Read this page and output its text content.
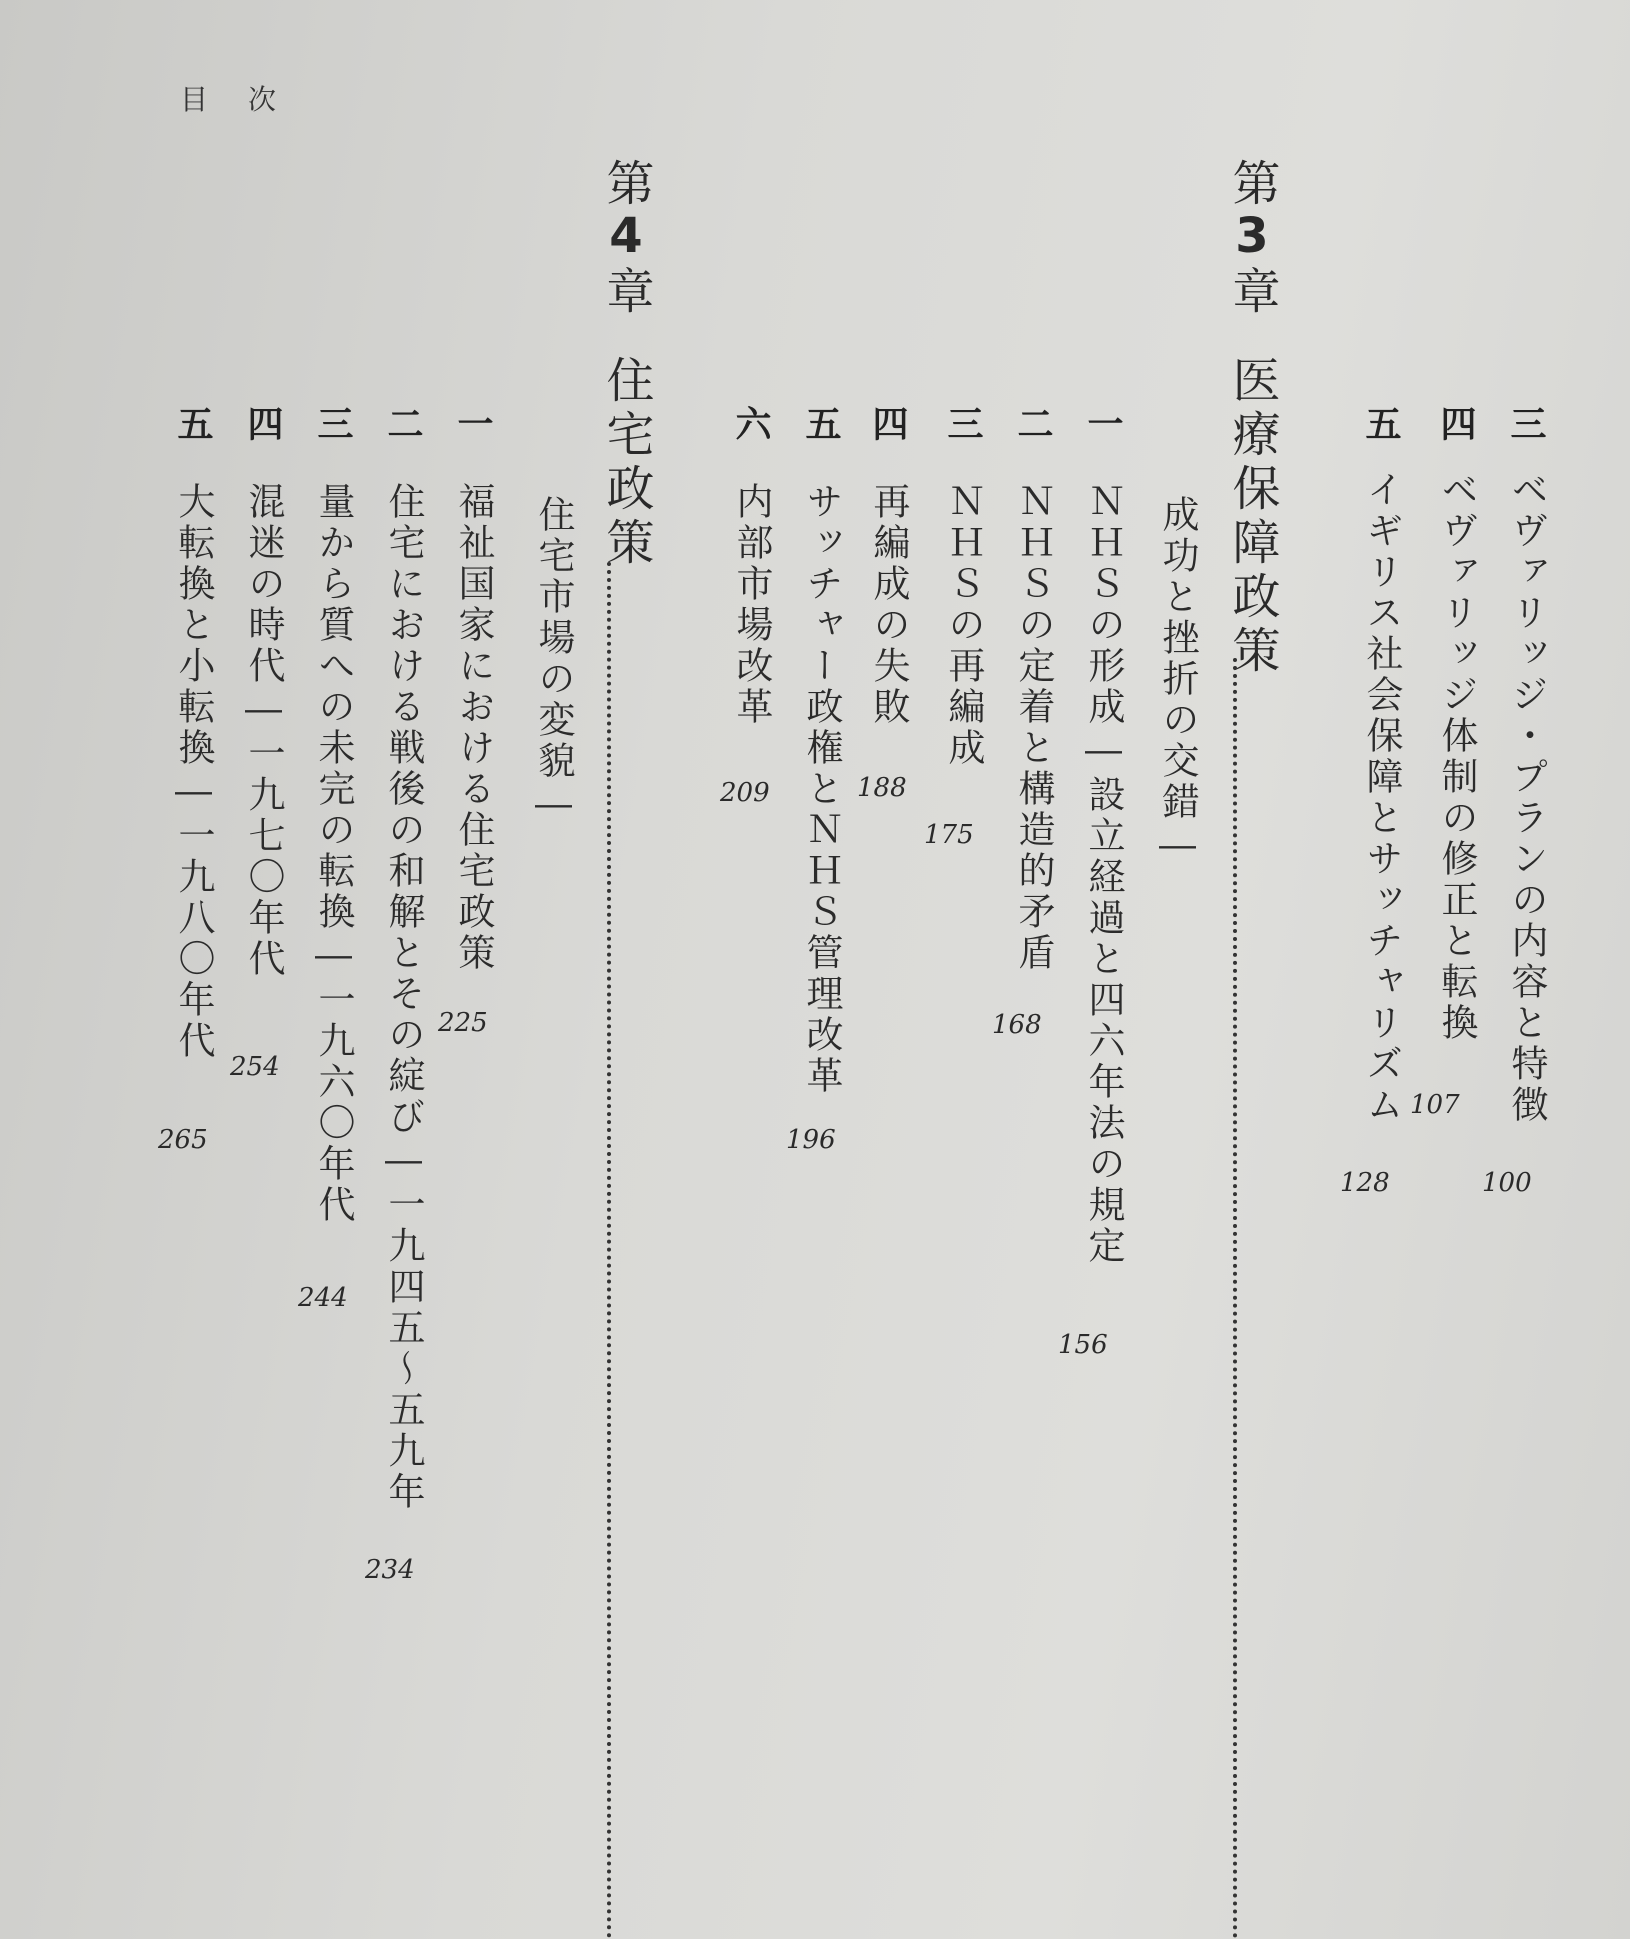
目次
三
ベヴァリッジ・プランの内容と特徴
100
四
ベヴァリッジ体制の修正と転換
107
五
イギリス社会保障とサッチャリズム
128
第3章
医療保障政策
成功と挫折の交錯―
一
ＮＨＳの形成―設立経過と四六年法の規定
156
二
ＮＨＳの定着と構造的矛盾
168
三
ＮＨＳの再編成
175
四
再編成の失敗
188
五
サッチャー政権とＮＨＳ管理改革
196
六
内部市場改革
209
第4章
住宅政策
住宅市場の変貌―
一
福祉国家における住宅政策
225
二
住宅における戦後の和解とその綻び―一九四五〜五九年
234
三
量から質への未完の転換―一九六〇年代
244
四
混迷の時代―一九七〇年代
254
五
大転換と小転換―一九八〇年代
265
